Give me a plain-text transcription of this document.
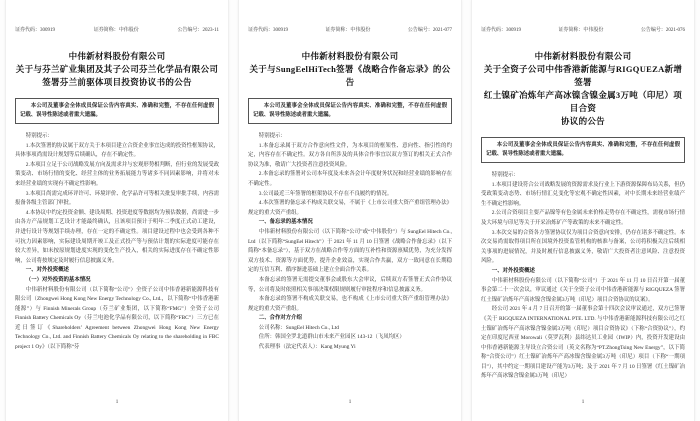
证券代码：300919	证券简称：中伟股份	公告编号：2023-11
中伟新材料股份有限公司
关于与芬兰矿业集团及其子公司芬兰化学品有限公司
签署芬兰前驱体项目投资协议书的公告
本公司及董事会全体成员保证公告内容真实、准确和完整，不存在任何虚假记载、误导性陈述或者重大遗漏。

特别提示：

1.本次签署的协议属于双方关于本项目建立合资企业事宜达成的投资性框架协议，具体事项尚需设计规划等后续确认，存在不确定性。

2.本项目立足于公司战略发展方向及需求并与宏观形势相判断，但行业的发展受政策变动、市场行情的变化、经营主体的业务拓展能力等诸多不同因素影响，并将对未来经营业绩的实现有不确定性影响。

3.本项目尚需完成环评许可、环境评价、化学品许可等相关批复审批手续，内容需报备各级主管部门审批。

4.本协议中约定投资金额、建设周期、投资进度等数据均为预估数据，尚需进一步由各方产品规划工艺设计才能最终确认，且该项目预计于明年二季度正式动工建设，并进行设计等规划手续办理，存在一定的不确定性。项目建设过程中也会受到各种不可抗力因素影响，实际建设周期开竣工及正式投产等与预估计划的实际进度可能存在较大差异，如未按原规划进度实现的变化生产投入，相关的实际进度存在不确定性影响，公司将按规定及时履行信息披露义务。

一、对外投资概述

（一）对外投资的基本情况

中伟新材料股份有限公司（以下简称“公司”）全资子公司中伟香港新能源科技有限公司（Zhongwei Hong Kong New Energy Technology Co., Ltd.，以下简称“中伟香港新能源”）与 Finnish Minerals Group（芬兰矿业集团，以下简称“FMG”）全资子公司 Finnish Battery Chemicals Oy（芬兰电池化学品有限公司，以下简称“FBC”）三方已在近日签订《Shareholders’ Agreement between Zhongwei Hong Kong New Energy Technology Co., Ltd. and Finnish Battery Chemicals Oy relating to the shareholding in FBC project 1 Oy》（以下简称“芬

1
证券代码：300919	证券简称：中伟股份	公告编号：2021-077
中伟新材料股份有限公司
关于与SungEelHiTech签署《战略合作备忘录》的公告
本公司及董事会全体成员保证公告内容真实、准确和完整，不存在任何虚假记载、误导性陈述或者重大遗漏。

特别提示：

1.本备忘录属于双方合作意向性文件，为本项目的框架性、意向性、指引性的约定，内容存在不确定性。双方各自所涉及的具体合作事宜以双方签订的相关正式合作协议为准，敬请广大投资者注意投资风险。

2.本备忘录的签署对公司本年度及未来各会计年度财务状况和经营业绩的影响存在不确定性。

3.公司最近三年签署的框架协议不存在不良履约的情况。

4.本次签署的备忘录不构成关联交易，不属于《上市公司重大资产重组管理办法》规定的重大资产重组。

一、备忘录的基本情况

中伟新材料股份有限公司（以下简称“公司”或“中伟股份”）与 SungEel Hitech Co., Ltd（以下简称“SungEel Hitech”）于 2021 年 11 月 10 日签署《战略合作备忘录》（以下简称“本备忘录”），基于双方在战略合作等方面的互补性和资源禀赋优势，为充分发挥双方技术、资源等方面优势，提升企业效益，实现合作共赢，双方一致同意在长期稳定的互信互利、循序渐进基础上建立全面合作关系。

本备忘录的签署无需提交董事会或股东大会审议，后续双方若签署正式合作协议等，公司将及时依照相关事项决策权限规则履行审批程序和信息披露义务。

本备忘录的签署不构成关联交易，也不构成《上市公司重大资产重组管理办法》规定的重大资产重组。

二、合作对方介绍

公司名称：SungEel Hitech Co., Ltd

住所：韩国全罗北道群山市未来产业园区 143-12（飞凤均区）

代表理事（法定代表人）：Kang Myung Yi

1
证券代码：300919	证券简称：中伟股份	公告编号：2021-076
中伟新材料股份有限公司
关于全资子公司中伟香港新能源与RIGQUEZA新增签署
红土镍矿冶炼年产高冰镍含镍金属3万吨（印尼）项目合资
协议的公告
本公司及董事会全体成员保证公告内容真实、准确和完整，不存在任何虚假记载、误导性陈述或者重大遗漏。

特别提示：

1.本项目建设符合公司战略发展的资源需求及行业上下游资源保障布局关系，但仍受政策变动态势、市场行情汇兑变化等宏观不确定性因素，对中长期未来经营业绩产生不确定性影响。

2.公司合资项目主要产品镍等有色金属未来价格走势存在不确定性，需视市场行情及大环境与印尼等关于开采冶炼矿产等政策的未来不确定性。

3.本次交易的合资各方签署协议仅为项目合资意向安排，仍存在诸多不确定性。本次交易尚需取得项目所在国境外投资监管机构的核准与备案，公司将积极关注后续相关事项的进展情况，并及时履行信息披露义务，敬请广大投资者注意风险、注意投资风险。

一、对外投资概述

中伟新材料股份有限公司（以下简称“公司”）于 2021 年 11 月 10 日召开第一届董事会第二十一次会议，审议通过《关于全资子公司中伟香港新能源与 RIGQUEZA 签署红土镍矿冶炼年产高冰镍含镍金属3万吨（印尼）项目合资协议的议案》。

经公司 2021 年 4 月 7 日召开的第一届董事会第十四次会议审议通过，双方已签署《关于 RIGQUEZA INTERNATIONAL PTE. LTD. 与中伟香港新能源科技有限公司之红土镍矿冶炼年产高冰镍含镍金属3万吨（印尼）项目合资协议》（下称“合资协议”），约定在印度尼西亚 Morowali（莫罗瓦利）县纬达贝工业园（IWIP）内，投资开发建设由中伟香港新能源主导设立合资公司（英文名称为“PT.ZhongTsing New Energy”，以下简称“合资公司”）红土镍矿冶炼年产高冰镍含镍金属3万吨（印尼）项目（下称“一期项目”），其中约定一期项目建设产能为3万吨；及于 2021 年 7 月 10 日签署《红土镍矿冶炼年产高冰镍含镍金属3万吨（印尼）

1
